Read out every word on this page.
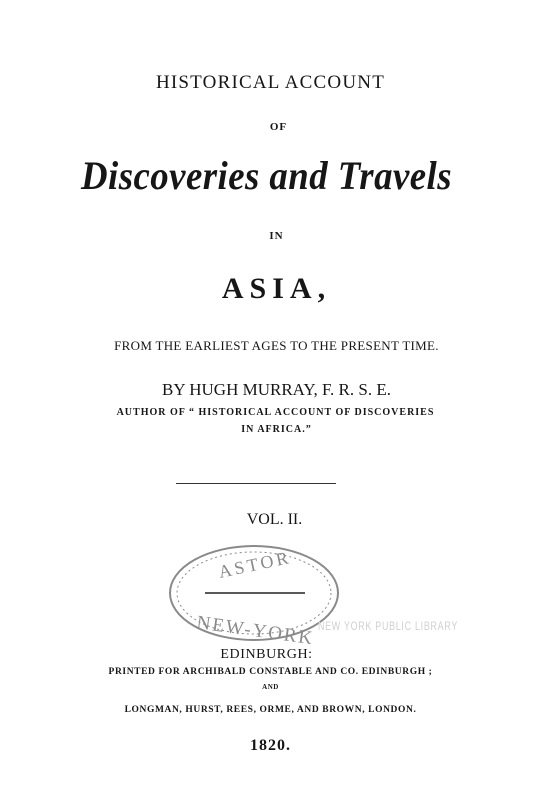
HISTORICAL ACCOUNT
OF
Discoveries and Travels
IN
ASIA,
FROM THE EARLIEST AGES TO THE PRESENT TIME.
BY HUGH MURRAY, F. R. S. E.
AUTHOR OF “ HISTORICAL ACCOUNT OF DISCOVERIES
IN AFRICA.”
VOL. II.
ASTOR
NEW-YORK NEW YORK PUBLIC LIBRARY
EDINBURGH:
PRINTED FOR ARCHIBALD CONSTABLE AND CO. EDINBURGH ;
AND
LONGMAN, HURST, REES, ORME, AND BROWN, LONDON.
1820.
